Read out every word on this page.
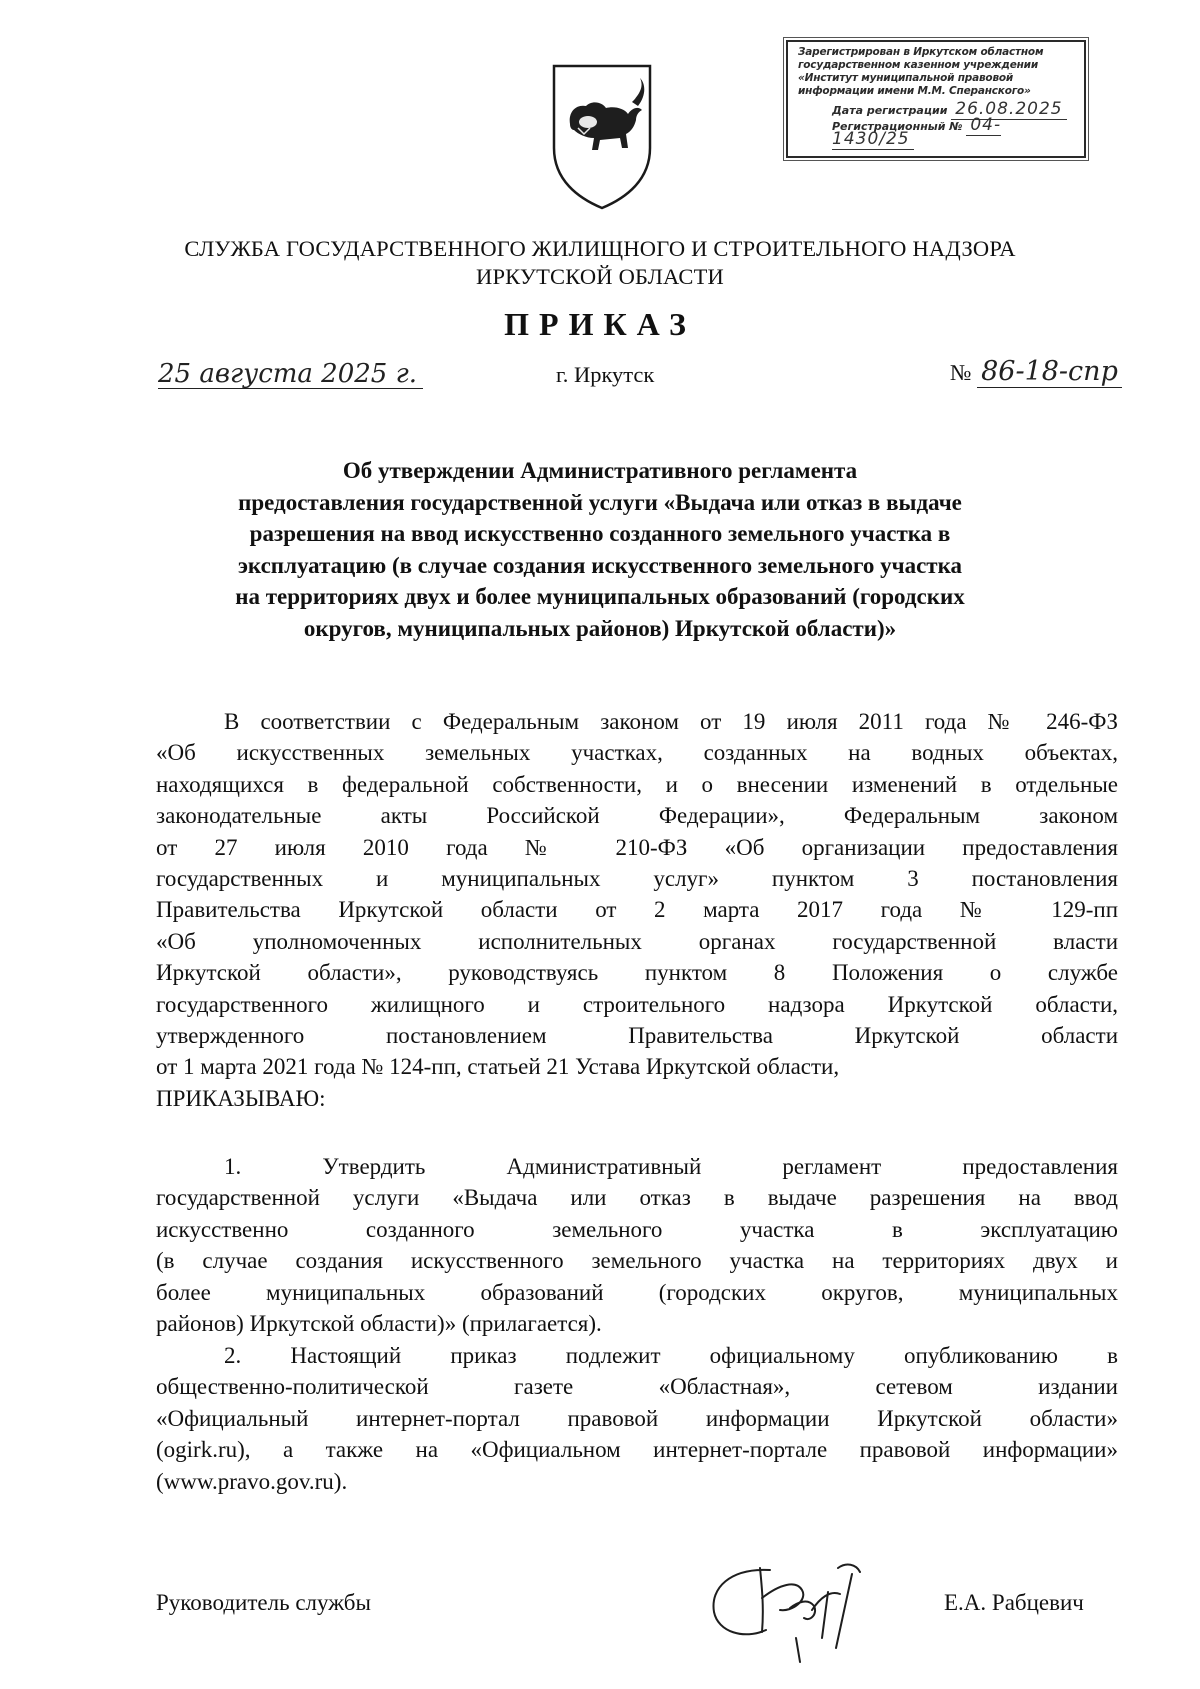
Зарегистрирован в Иркутском областном
государственном казенном учреждении
«Институт муниципальной правовой
информации имени М.М. Сперанского»
Дата регистрации 26.08.2025
Регистрационный № 04-1430/25
СЛУЖБА ГОСУДАРСТВЕННОГО ЖИЛИЩНОГО И СТРОИТЕЛЬНОГО НАДЗОРА
ИРКУТСКОЙ ОБЛАСТИ
ПРИКАЗ
25 августа 2025 г.	г. Иркутск	№ 86-18-спр
Об утверждении Административного регламента
предоставления государственной услуги «Выдача или отказ в выдаче
разрешения на ввод искусственно созданного земельного участка в
эксплуатацию (в случае создания искусственного земельного участка
на территориях двух и более муниципальных образований (городских
округов, муниципальных районов) Иркутской области)»
В соответствии с Федеральным законом от 19 июля 2011 года № 246-ФЗ
«Об искусственных земельных участках, созданных на водных объектах,
находящихся в федеральной собственности, и о внесении изменений в отдельные
законодательные акты Российской Федерации», Федеральным законом
от 27 июля 2010 года № 210-ФЗ «Об организации предоставления
государственных и муниципальных услуг» пунктом 3 постановления
Правительства Иркутской области от 2 марта 2017 года № 129-пп
«Об уполномоченных исполнительных органах государственной власти
Иркутской области», руководствуясь пунктом 8 Положения о службе
государственного жилищного и строительного надзора Иркутской области,
утвержденного постановлением Правительства Иркутской области
от 1 марта 2021 года № 124-пп, статьей 21 Устава Иркутской области,
ПРИКАЗЫВАЮ:
1. Утвердить Административный регламент предоставления
государственной услуги «Выдача или отказ в выдаче разрешения на ввод
искусственно созданного земельного участка в эксплуатацию
(в случае создания искусственного земельного участка на территориях двух и
более муниципальных образований (городских округов, муниципальных
районов) Иркутской области)» (прилагается).
2. Настоящий приказ подлежит официальному опубликованию в
общественно-политической газете «Областная», сетевом издании
«Официальный интернет-портал правовой информации Иркутской области»
(ogirk.ru), а также на «Официальном интернет-портале правовой информации»
(www.pravo.gov.ru).
Руководитель службы	Е.А. Рабцевич
